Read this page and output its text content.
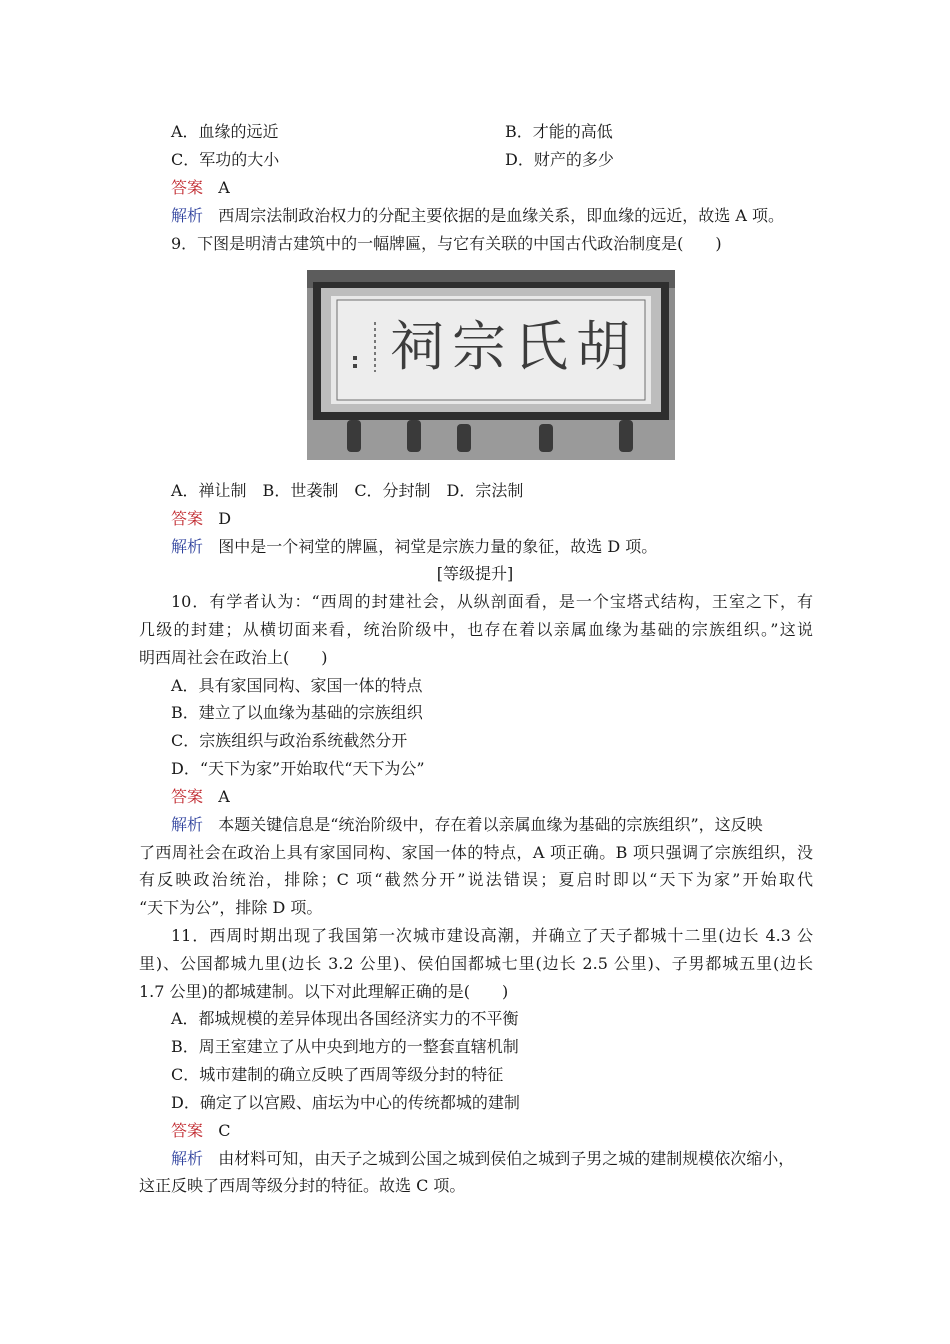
A．血缘的远近	B．才能的高低
C．军功的大小	D．财产的多少
答案 A
解析 西周宗法制政治权力的分配主要依据的是血缘关系，即血缘的远近，故选 A 项。
9．下图是明清古建筑中的一幅牌匾，与它有关联的中国古代政治制度是(　　)
胡氏宗祠
A．禅让制　B．世袭制　C．分封制　D．宗法制
答案 D
解析 图中是一个祠堂的牌匾，祠堂是宗族力量的象征，故选 D 项。
[等级提升]
10．有学者认为：“西周的封建社会，从纵剖面看，是一个宝塔式结构，王室之下，有
几级的封建；从横切面来看，统治阶级中，也存在着以亲属血缘为基础的宗族组织。”这说
明西周社会在政治上(　　)
A．具有家国同构、家国一体的特点
B．建立了以血缘为基础的宗族组织
C．宗族组织与政治系统截然分开
D．“天下为家”开始取代“天下为公”
答案 A
解析 本题关键信息是“统治阶级中，存在着以亲属血缘为基础的宗族组织”，这反映
了西周社会在政治上具有家国同构、家国一体的特点，A 项正确。B 项只强调了宗族组织，没
有反映政治统治，排除；C 项“截然分开”说法错误；夏启时即以“天下为家”开始取代
“天下为公”，排除 D 项。
11．西周时期出现了我国第一次城市建设高潮，并确立了天子都城十二里(边长 4.3 公
里)、公国都城九里(边长 3.2 公里)、侯伯国都城七里(边长 2.5 公里)、子男都城五里(边长
1.7 公里)的都城建制。以下对此理解正确的是(　　)
A．都城规模的差异体现出各国经济实力的不平衡
B．周王室建立了从中央到地方的一整套直辖机制
C．城市建制的确立反映了西周等级分封的特征
D．确定了以宫殿、庙坛为中心的传统都城的建制
答案 C
解析 由材料可知，由天子之城到公国之城到侯伯之城到子男之城的建制规模依次缩小，
这正反映了西周等级分封的特征。故选 C 项。
